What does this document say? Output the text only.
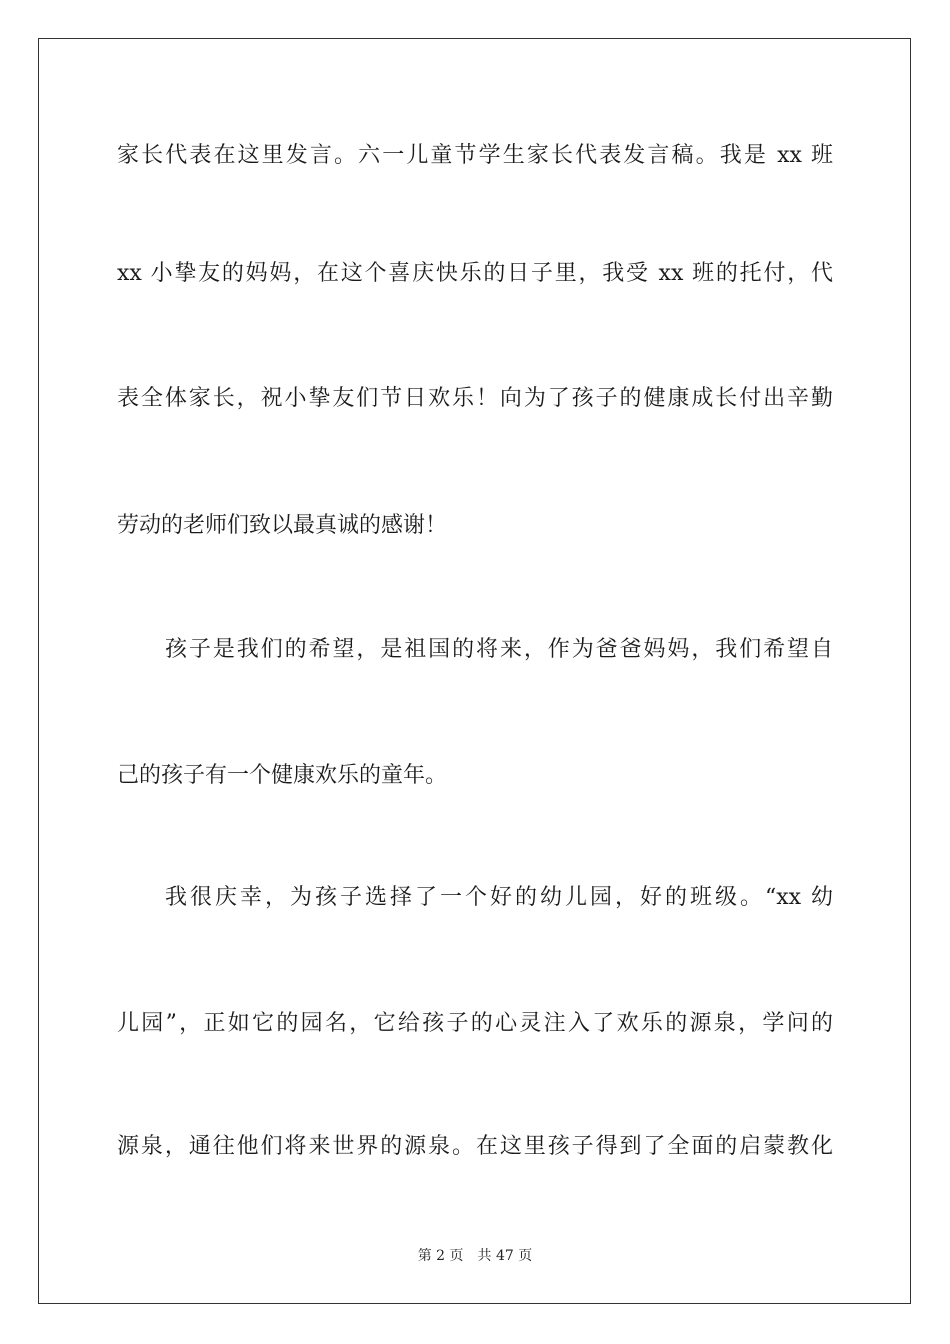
家长代表在这里发言。六一儿童节学生家长代表发言稿。我是 xx 班
xx 小挚友的妈妈，在这个喜庆快乐的日子里，我受 xx 班的托付，代
表全体家长，祝小挚友们节日欢乐！向为了孩子的健康成长付出辛勤
劳动的老师们致以最真诚的感谢！
孩子是我们的希望，是祖国的将来，作为爸爸妈妈，我们希望自
己的孩子有一个健康欢乐的童年。
我很庆幸，为孩子选择了一个好的幼儿园，好的班级。“xx 幼
儿园”，正如它的园名，它给孩子的心灵注入了欢乐的源泉，学问的
源泉，通往他们将来世界的源泉。在这里孩子得到了全面的启蒙教化
第 2 页 共 47 页
